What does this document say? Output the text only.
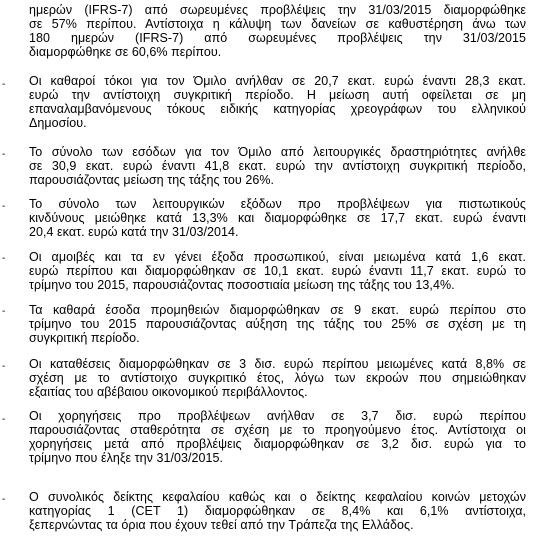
ημερών (IFRS-7) από σωρευμένες προβλέψεις την 31/03/2015 διαμορφώθηκε
σε 57% περίπου. Αντίστοιχα η κάλυψη των δανείων σε καθυστέρηση άνω των
180 ημερών (IFRS-7) από σωρευμένες προβλέψεις την 31/03/2015
διαμορφώθηκε σε 60,6% περίπου.
- Οι καθαροί τόκοι για τον Όμιλο ανήλθαν σε 20,7 εκατ. ευρώ έναντι 28,3 εκατ.
ευρώ την αντίστοιχη συγκριτική περίοδο. Η μείωση αυτή οφείλεται σε μη
επαναλαμβανόμενους τόκους ειδικής κατηγορίας χρεογράφων του ελληνικού
Δημοσίου.
- Το σύνολο των εσόδων για τον Όμιλο από λειτουργικές δραστηριότητες ανήλθε
σε 30,9 εκατ. ευρώ έναντι 41,8 εκατ. ευρώ την αντίστοιχη συγκριτική περίοδο,
παρουσιάζοντας μείωση της τάξης του 26%.
- Το σύνολο των λειτουργικών εξόδων προ προβλέψεων για πιστωτικούς
κινδύνους μειώθηκε κατά 13,3% και διαμορφώθηκε σε 17,7 εκατ. ευρώ έναντι
20,4 εκατ. ευρώ κατά την 31/03/2014.
- Οι αμοιβές και τα εν γένει έξοδα προσωπικού, είναι μειωμένα κατά 1,6 εκατ.
ευρώ περίπου και διαμορφώθηκαν σε 10,1 εκατ. ευρώ έναντι 11,7 εκατ. ευρώ το
τρίμηνο του 2015, παρουσιάζοντας ποσοστιαία μείωση της τάξης του 13,4%.
- Τα καθαρά έσοδα προμηθειών διαμορφώθηκαν σε 9 εκατ. ευρώ περίπου στο
τρίμηνο του 2015 παρουσιάζοντας αύξηση της τάξης του 25% σε σχέση με τη
συγκριτική περίοδο.
- Οι καταθέσεις διαμορφώθηκαν σε 3 δισ. ευρώ περίπου μειωμένες κατά 8,8% σε
σχέση με το αντίστοιχο συγκριτικό έτος, λόγω των εκροών που σημειώθηκαν
εξαιτίας του αβέβαιου οικονομικού περιβάλλοντος.
- Οι χορηγήσεις προ προβλέψεων ανήλθαν σε 3,7 δισ. ευρώ περίπου
παρουσιάζοντας σταθερότητα σε σχέση με το προηγούμενο έτος. Αντίστοιχα οι
χορηγήσεις μετά από προβλέψεις διαμορφώθηκαν σε 3,2 δισ. ευρώ για το
τρίμηνο που έληξε την 31/03/2015.
- Ο συνολικός δείκτης κεφαλαίου καθώς και ο δείκτης κεφαλαίου κοινών μετοχών
κατηγορίας 1 (CET 1) διαμορφώθηκαν σε 8,4% και 6,1% αντίστοιχα,
ξεπερνώντας τα όρια που έχουν τεθεί από την Τράπεζα της Ελλάδος.
